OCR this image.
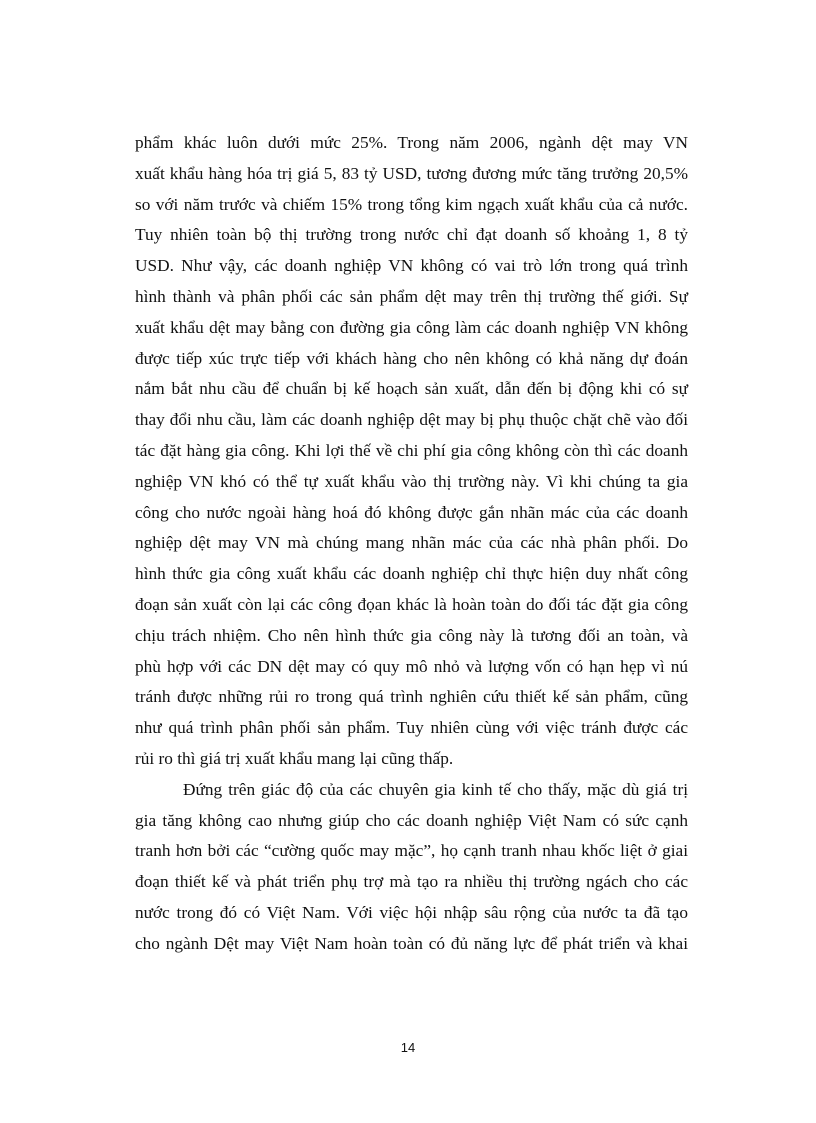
phẩm khác luôn dưới mức 25%. Trong năm 2006, ngành dệt may VN
xuất khẩu hàng hóa trị giá 5, 83 tỷ USD, tương đương mức tăng trưởng 20,5%
so với năm trước và chiếm 15% trong tổng kim ngạch xuất khẩu của cả nước.
Tuy nhiên toàn bộ thị trường trong nước chỉ đạt doanh số khoảng 1, 8 tỷ
USD. Như vậy, các doanh nghiệp VN không có vai trò lớn trong quá trình
hình thành và phân phối các sản phẩm dệt may trên thị trường thế giới. Sự
xuất khẩu dệt may bằng con đường gia công làm các doanh nghiệp VN không
được tiếp xúc trực tiếp với khách hàng cho nên không có khả năng dự đoán
nắm bắt nhu cầu để chuẩn bị kế hoạch sản xuất, dẫn đến bị động khi có sự
thay đổi nhu cầu, làm các doanh nghiệp dệt may bị phụ thuộc chặt chẽ vào đối
tác đặt hàng gia công. Khi lợi thế về chi phí gia công không còn thì các doanh
nghiệp VN khó có thể tự xuất khẩu vào thị trường này. Vì khi chúng ta gia
công cho nước ngoài hàng hoá đó không được gắn nhãn mác của các doanh
nghiệp dệt may VN mà chúng mang nhãn mác của các nhà phân phối. Do
hình thức gia công xuất khẩu các doanh nghiệp chỉ thực hiện duy nhất công
đoạn sản xuất còn lại các công đọan khác là hoàn toàn do đối tác đặt gia công
chịu trách nhiệm. Cho nên hình thức gia công này là tương đối an toàn, và
phù hợp với các DN dệt may có quy mô nhỏ và lượng vốn có hạn hẹp vì nú
tránh được những rủi ro trong quá trình nghiên cứu thiết kế sản phẩm, cũng
như quá trình phân phối sản phẩm. Tuy nhiên cùng với việc tránh được các
rủi ro thì giá trị xuất khẩu mang lại cũng thấp.
Đứng trên giác độ của các chuyên gia kinh tế cho thấy, mặc dù giá trị
gia tăng không cao nhưng giúp cho các doanh nghiệp Việt Nam có sức cạnh
tranh hơn bởi các “cường quốc may mặc”, họ cạnh tranh nhau khốc liệt ở giai
đoạn thiết kế và phát triển phụ trợ mà tạo ra nhiều thị trường ngách cho các
nước trong đó có Việt Nam. Với việc hội nhập sâu rộng của nước ta đã tạo
cho ngành Dệt may Việt Nam hoàn toàn có đủ năng lực để phát triển và khai
14
